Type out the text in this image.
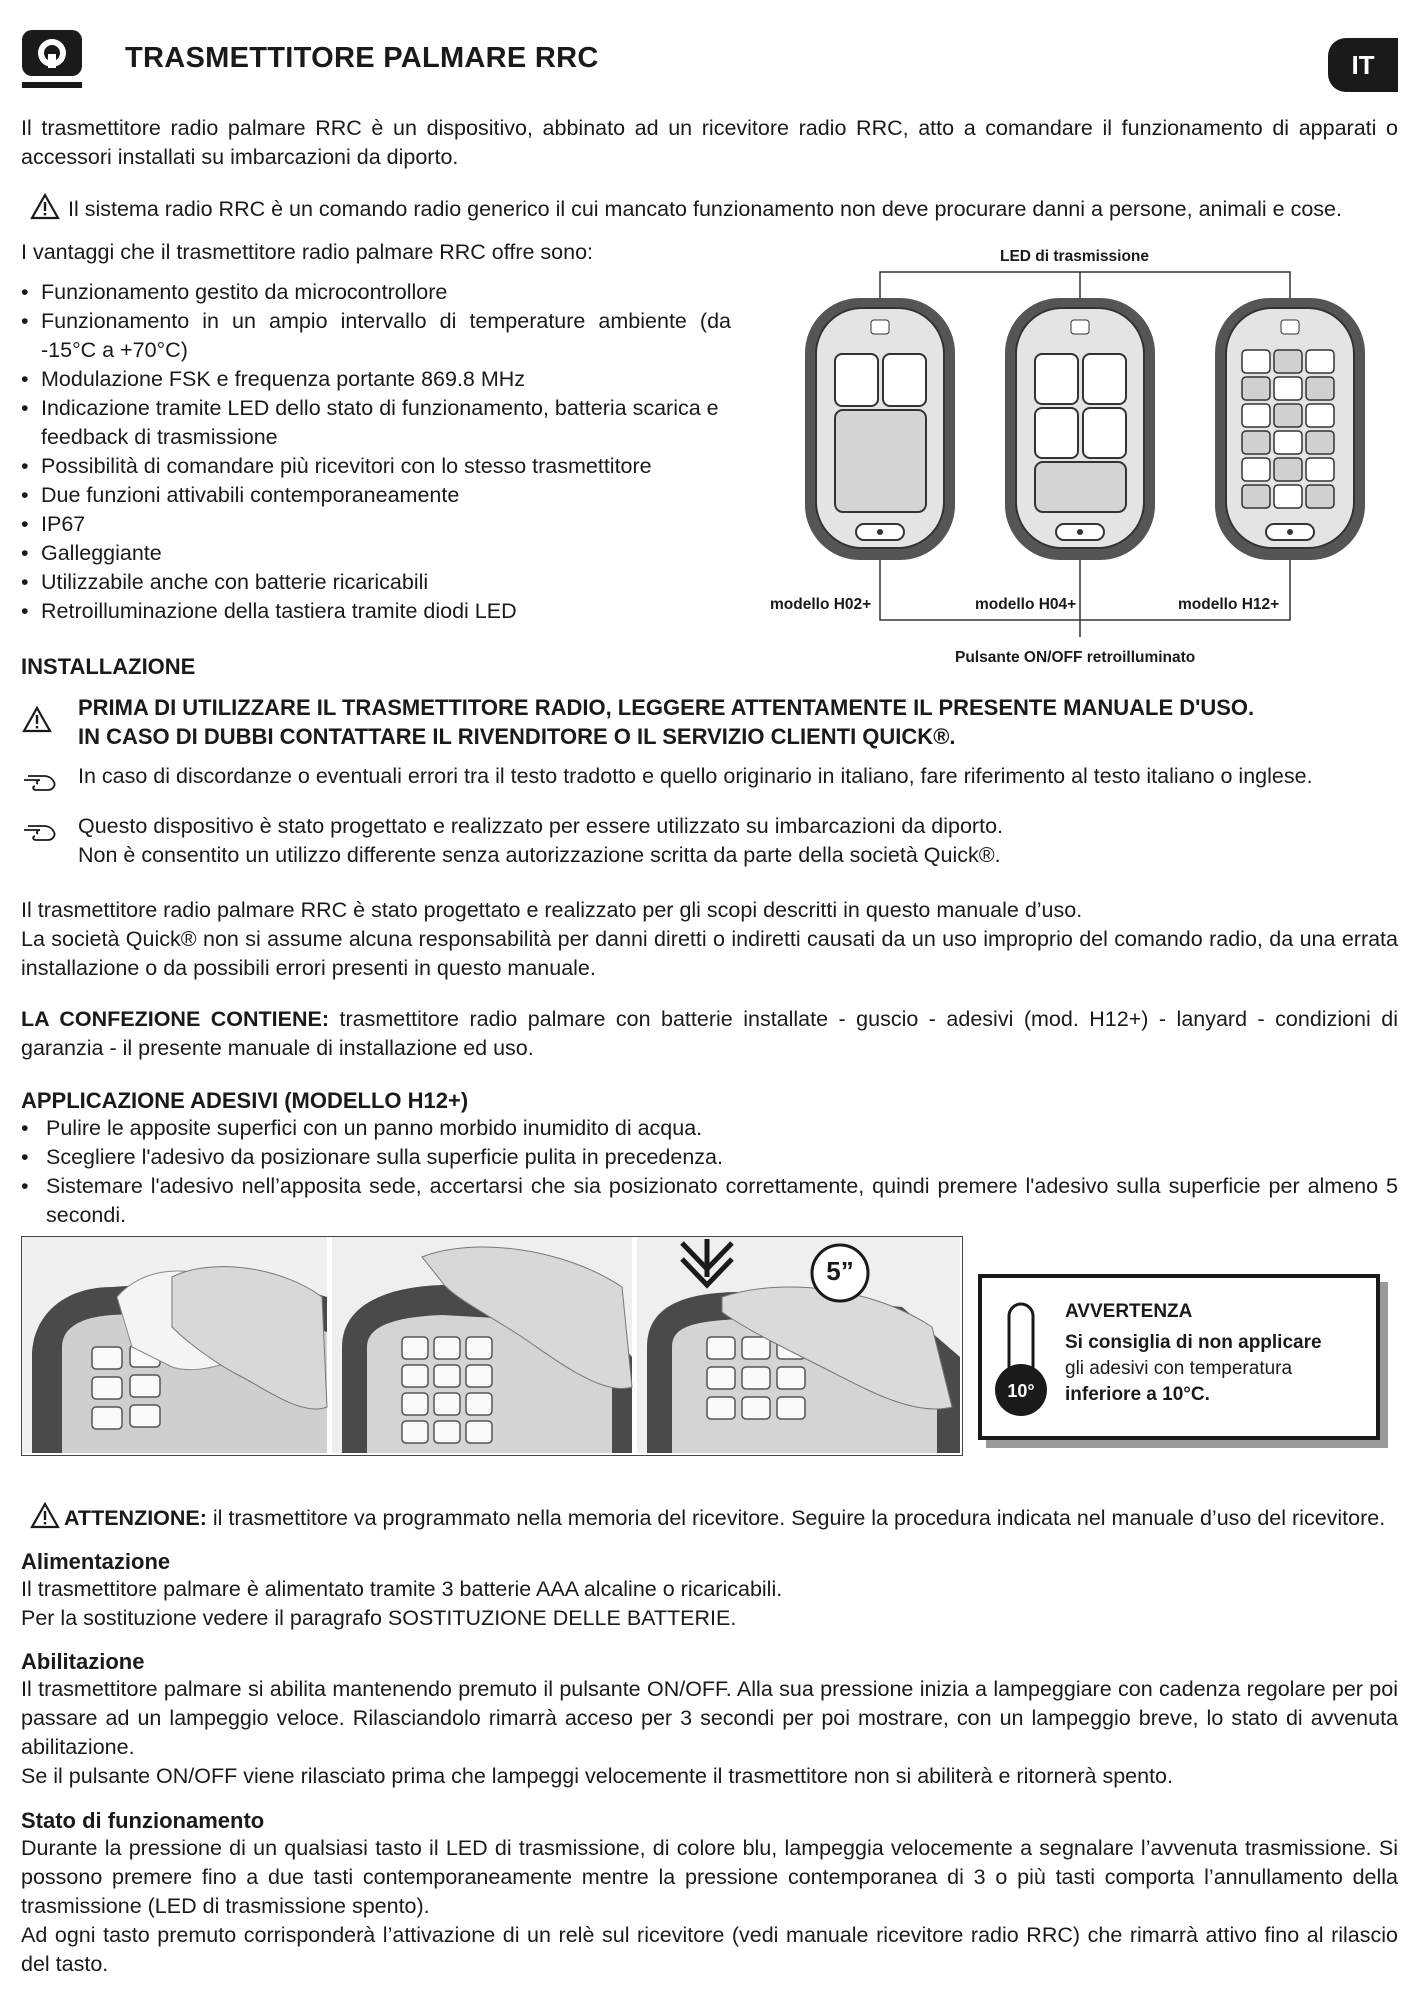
TRASMETTITORE PALMARE RRC	IT
Il trasmettitore radio palmare RRC è un dispositivo, abbinato ad un ricevitore radio RRC, atto a comandare il funzionamento di apparati o accessori installati su imbarcazioni da diporto.
Il sistema radio RRC è un comando radio generico il cui mancato funzionamento non deve procurare danni a persone, animali e cose.
I vantaggi che il trasmettitore radio palmare RRC offre sono:
• Funzionamento gestito da microcontrollore
• Funzionamento in un ampio intervallo di temperature ambiente (da -15°C a +70°C)
• Modulazione FSK e frequenza portante 869.8 MHz
• Indicazione tramite LED dello stato di funzionamento, batteria scarica e feedback di trasmissione
• Possibilità di comandare più ricevitori con lo stesso trasmettitore
• Due funzioni attivabili contemporaneamente
• IP67
• Galleggiante
• Utilizzabile anche con batterie ricaricabili
• Retroilluminazione della tastiera tramite diodi LED
LED di trasmissione
modello H02+	modello H04+	modello H12+
Pulsante ON/OFF retroilluminato
INSTALLAZIONE
PRIMA DI UTILIZZARE IL TRASMETTITORE RADIO, LEGGERE ATTENTAMENTE IL PRESENTE MANUALE D'USO.
IN CASO DI DUBBI CONTATTARE IL RIVENDITORE O IL SERVIZIO CLIENTI QUICK®.
In caso di discordanze o eventuali errori tra il testo tradotto e quello originario in italiano, fare riferimento al testo italiano o inglese.
Questo dispositivo è stato progettato e realizzato per essere utilizzato su imbarcazioni da diporto.
Non è consentito un utilizzo differente senza autorizzazione scritta da parte della società Quick®.
Il trasmettitore radio palmare RRC è stato progettato e realizzato per gli scopi descritti in questo manuale d’uso.
La società Quick® non si assume alcuna responsabilità per danni diretti o indiretti causati da un uso improprio del comando radio, da una errata installazione o da possibili errori presenti in questo manuale.
LA CONFEZIONE CONTIENE: trasmettitore radio palmare con batterie installate - guscio - adesivi (mod. H12+) - lanyard - condizioni di garanzia - il presente manuale di installazione ed uso.
APPLICAZIONE ADESIVI (MODELLO H12+)
• Pulire le apposite superfici con un panno morbido inumidito di acqua.
• Scegliere l'adesivo da posizionare sulla superficie pulita in precedenza.
• Sistemare l'adesivo nell’apposita sede, accertarsi che sia posizionato correttamente, quindi premere l'adesivo sulla superficie per almeno 5 secondi.
5”
10°
AVVERTENZA
Si consiglia di non applicare
gli adesivi con temperatura
inferiore a 10°C.
ATTENZIONE: il trasmettitore va programmato nella memoria del ricevitore. Seguire la procedura indicata nel manuale d’uso del ricevitore.
Alimentazione
Il trasmettitore palmare è alimentato tramite 3 batterie AAA alcaline o ricaricabili.
Per la sostituzione vedere il paragrafo SOSTITUZIONE DELLE BATTERIE.
Abilitazione
Il trasmettitore palmare si abilita mantenendo premuto il pulsante ON/OFF. Alla sua pressione inizia a lampeggiare con cadenza regolare per poi passare ad un lampeggio veloce. Rilasciandolo rimarrà acceso per 3 secondi per poi mostrare, con un lampeggio breve, lo stato di avvenuta abilitazione.
Se il pulsante ON/OFF viene rilasciato prima che lampeggi velocemente il trasmettitore non si abiliterà e ritornerà spento.
Stato di funzionamento
Durante la pressione di un qualsiasi tasto il LED di trasmissione, di colore blu, lampeggia velocemente a segnalare l’avvenuta trasmissione. Si possono premere fino a due tasti contemporaneamente mentre la pressione contemporanea di 3 o più tasti comporta l’annullamento della trasmissione (LED di trasmissione spento).
Ad ogni tasto premuto corrisponderà l’attivazione di un relè sul ricevitore (vedi manuale ricevitore radio RRC) che rimarrà attivo fino al rilascio del tasto.
